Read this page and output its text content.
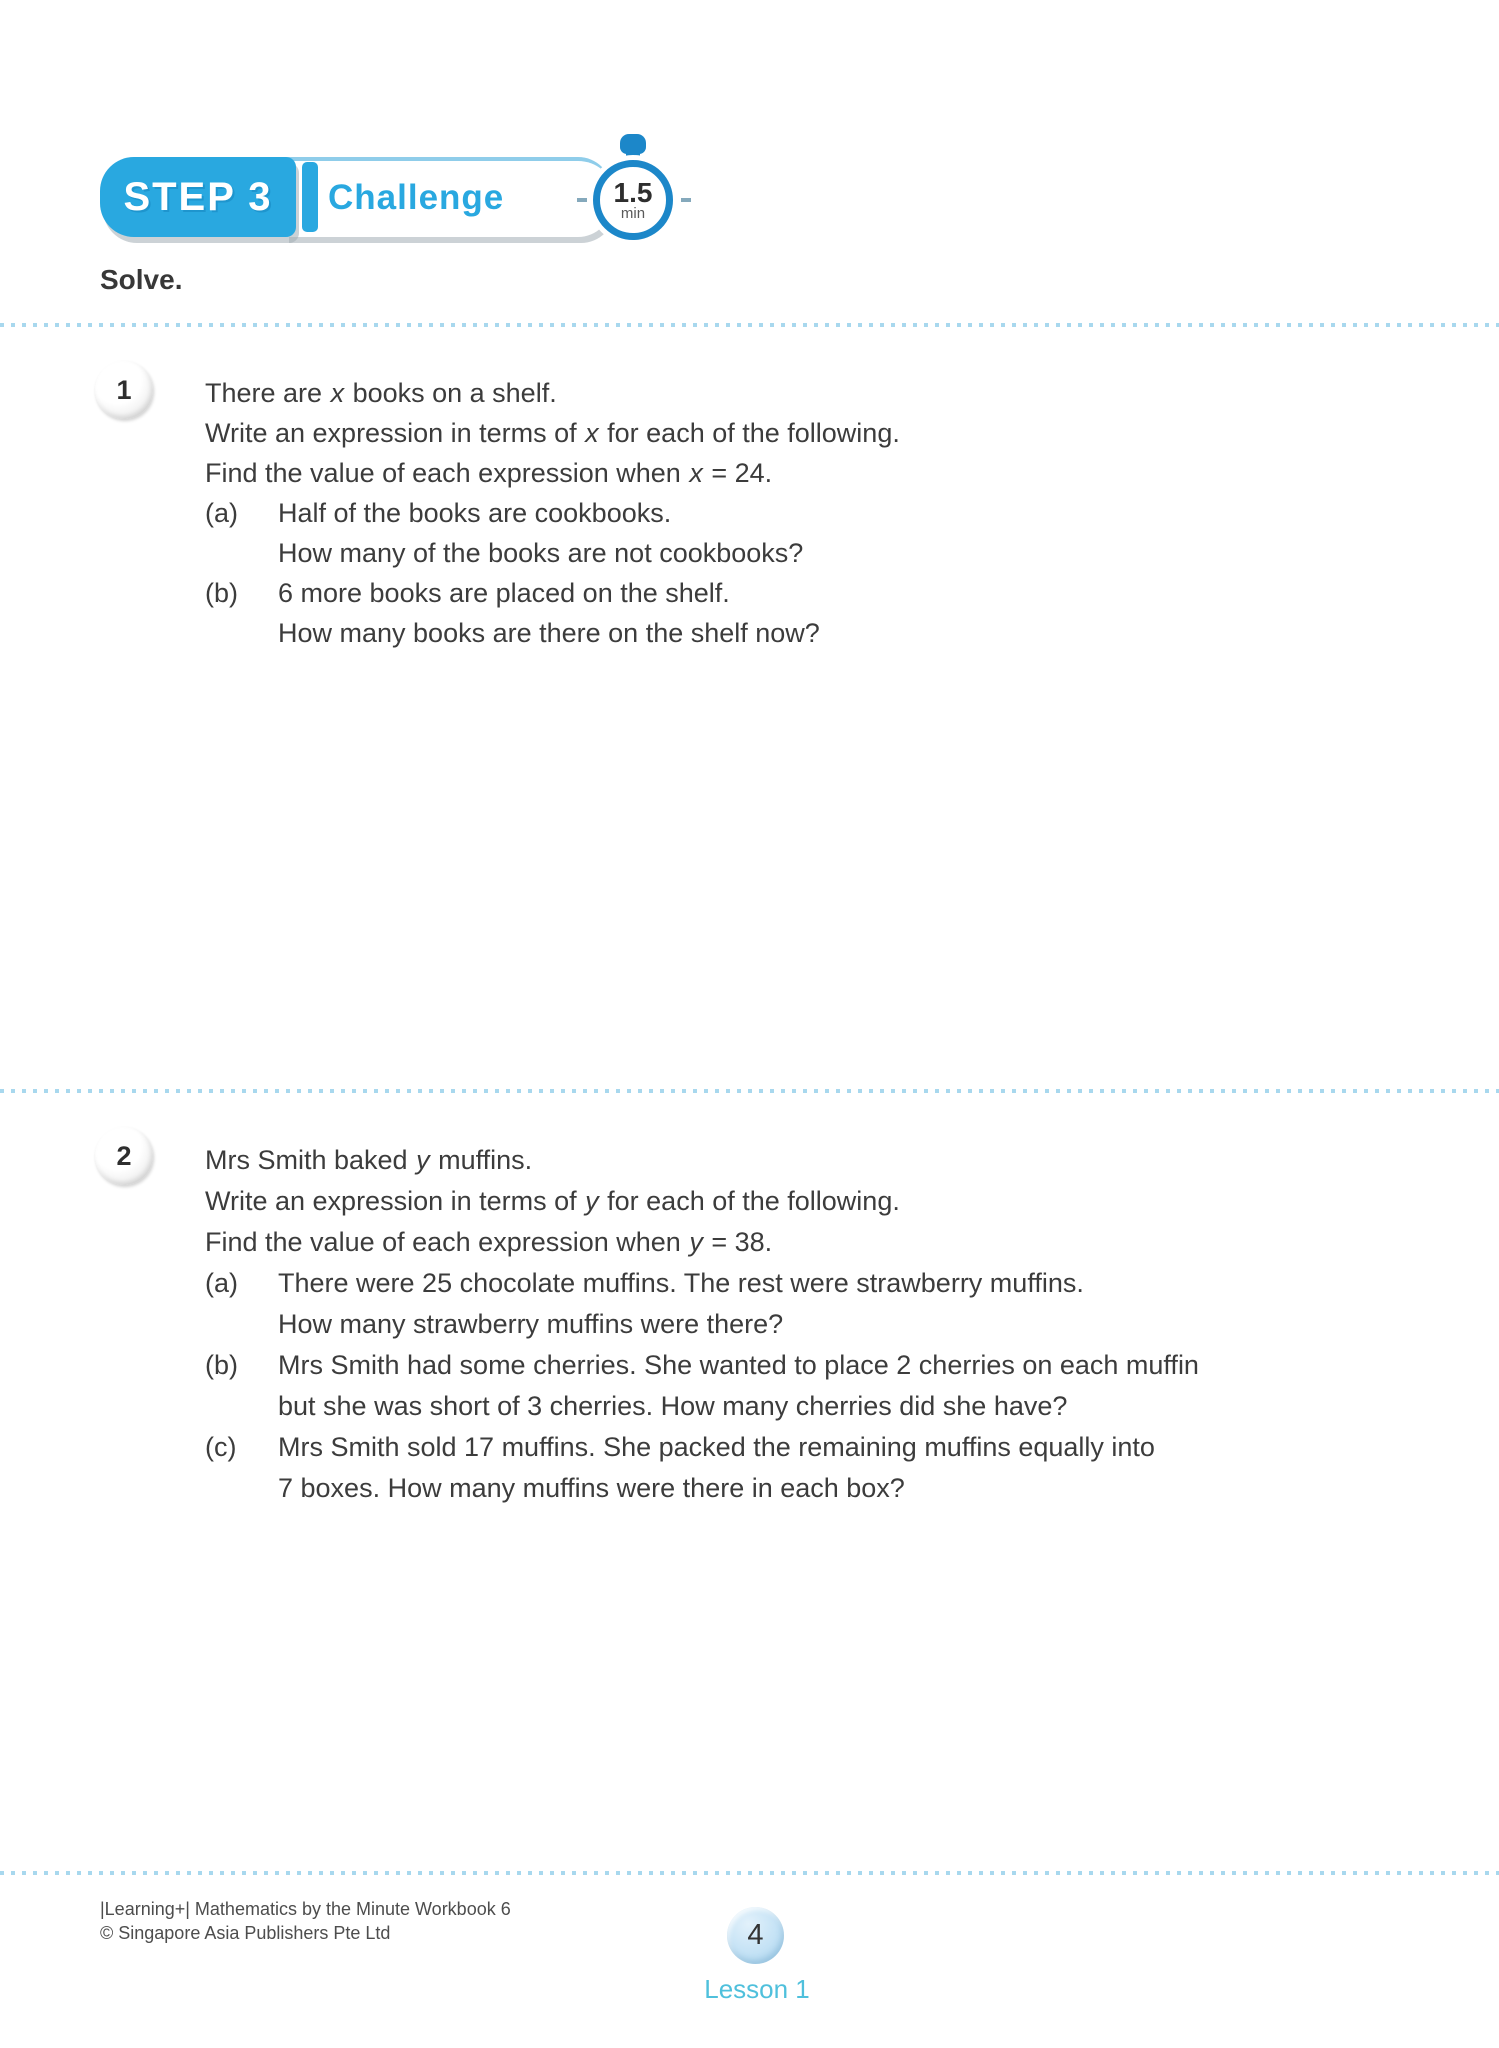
STEP 3	Challenge	1.5
min
Solve.
1	There are x books on a shelf.
Write an expression in terms of x for each of the following.
Find the value of each expression when x = 24.
(a)	Half of the books are cookbooks.
How many of the books are not cookbooks?
(b)	6 more books are placed on the shelf.
How many books are there on the shelf now?
2	Mrs Smith baked y muffins.
Write an expression in terms of y for each of the following.
Find the value of each expression when y = 38.
(a)	There were 25 chocolate muffins. The rest were strawberry muffins.
How many strawberry muffins were there?
(b)	Mrs Smith had some cherries. She wanted to place 2 cherries on each muffin
but she was short of 3 cherries. How many cherries did she have?
(c)	Mrs Smith sold 17 muffins. She packed the remaining muffins equally into
7 boxes. How many muffins were there in each box?
|Learning+| Mathematics by the Minute Workbook 6
© Singapore Asia Publishers Pte Ltd	4
Lesson 1
